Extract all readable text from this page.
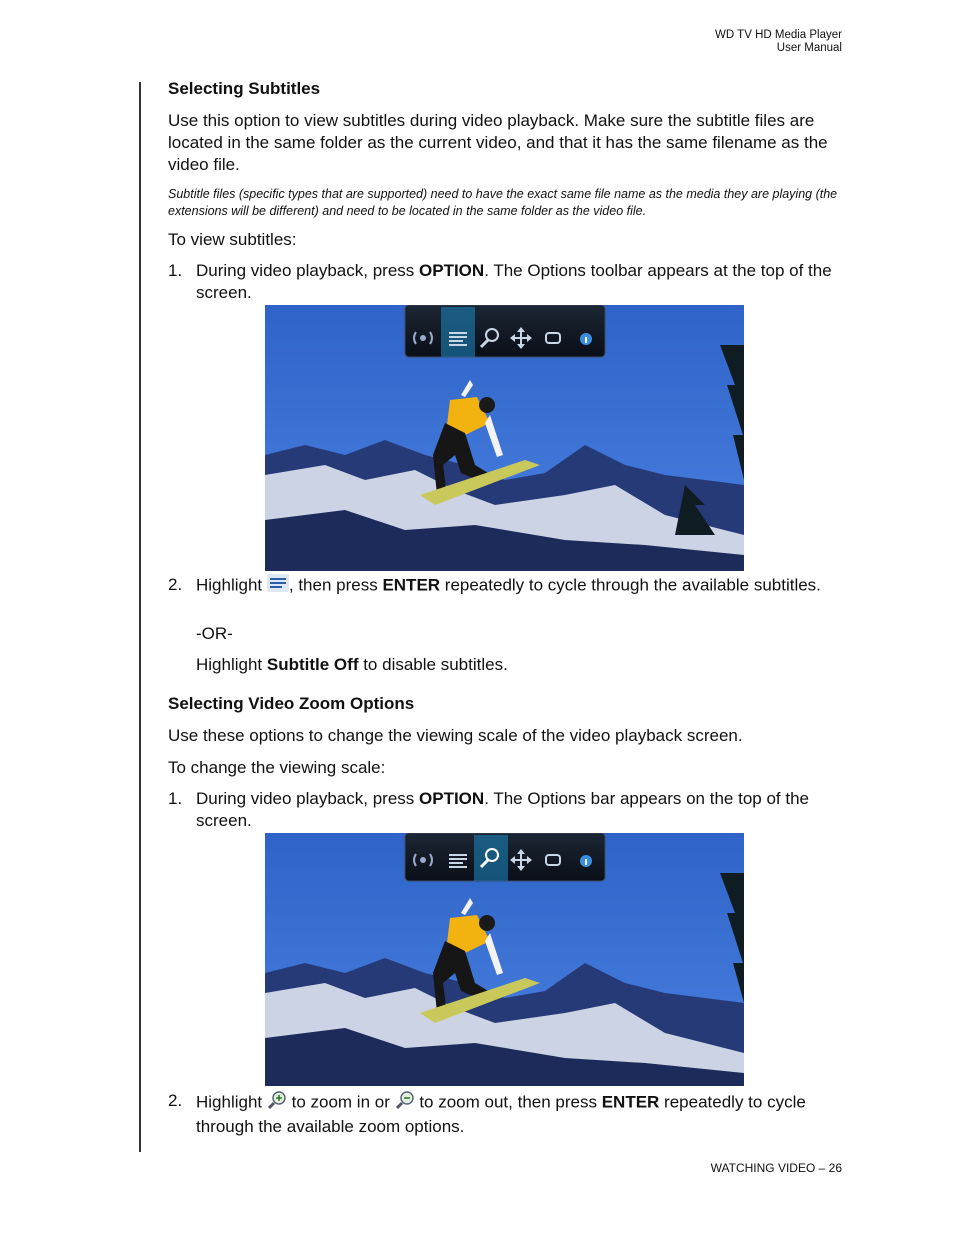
WD TV HD Media Player
User Manual
Selecting Subtitles
Use this option to view subtitles during video playback. Make sure the subtitle files are located in the same folder as the current video, and that it has the same filename as the video file.
Subtitle files (specific types that are supported) need to have the exact same file name as the media they are playing (the extensions will be different) and need to be located in the same folder as the video file.
To view subtitles:
1. During video playback, press OPTION. The Options toolbar appears at the top of the screen.
2. Highlight , then press ENTER repeatedly to cycle through the available subtitles.
-OR-
Highlight Subtitle Off to disable subtitles.
Selecting Video Zoom Options
Use these options to change the viewing scale of the video playback screen.
To change the viewing scale:
1. During video playback, press OPTION. The Options bar appears on the top of the screen.
2. Highlight  to zoom in or  to zoom out, then press ENTER repeatedly to cycle through the available zoom options.
WATCHING VIDEO – 26
